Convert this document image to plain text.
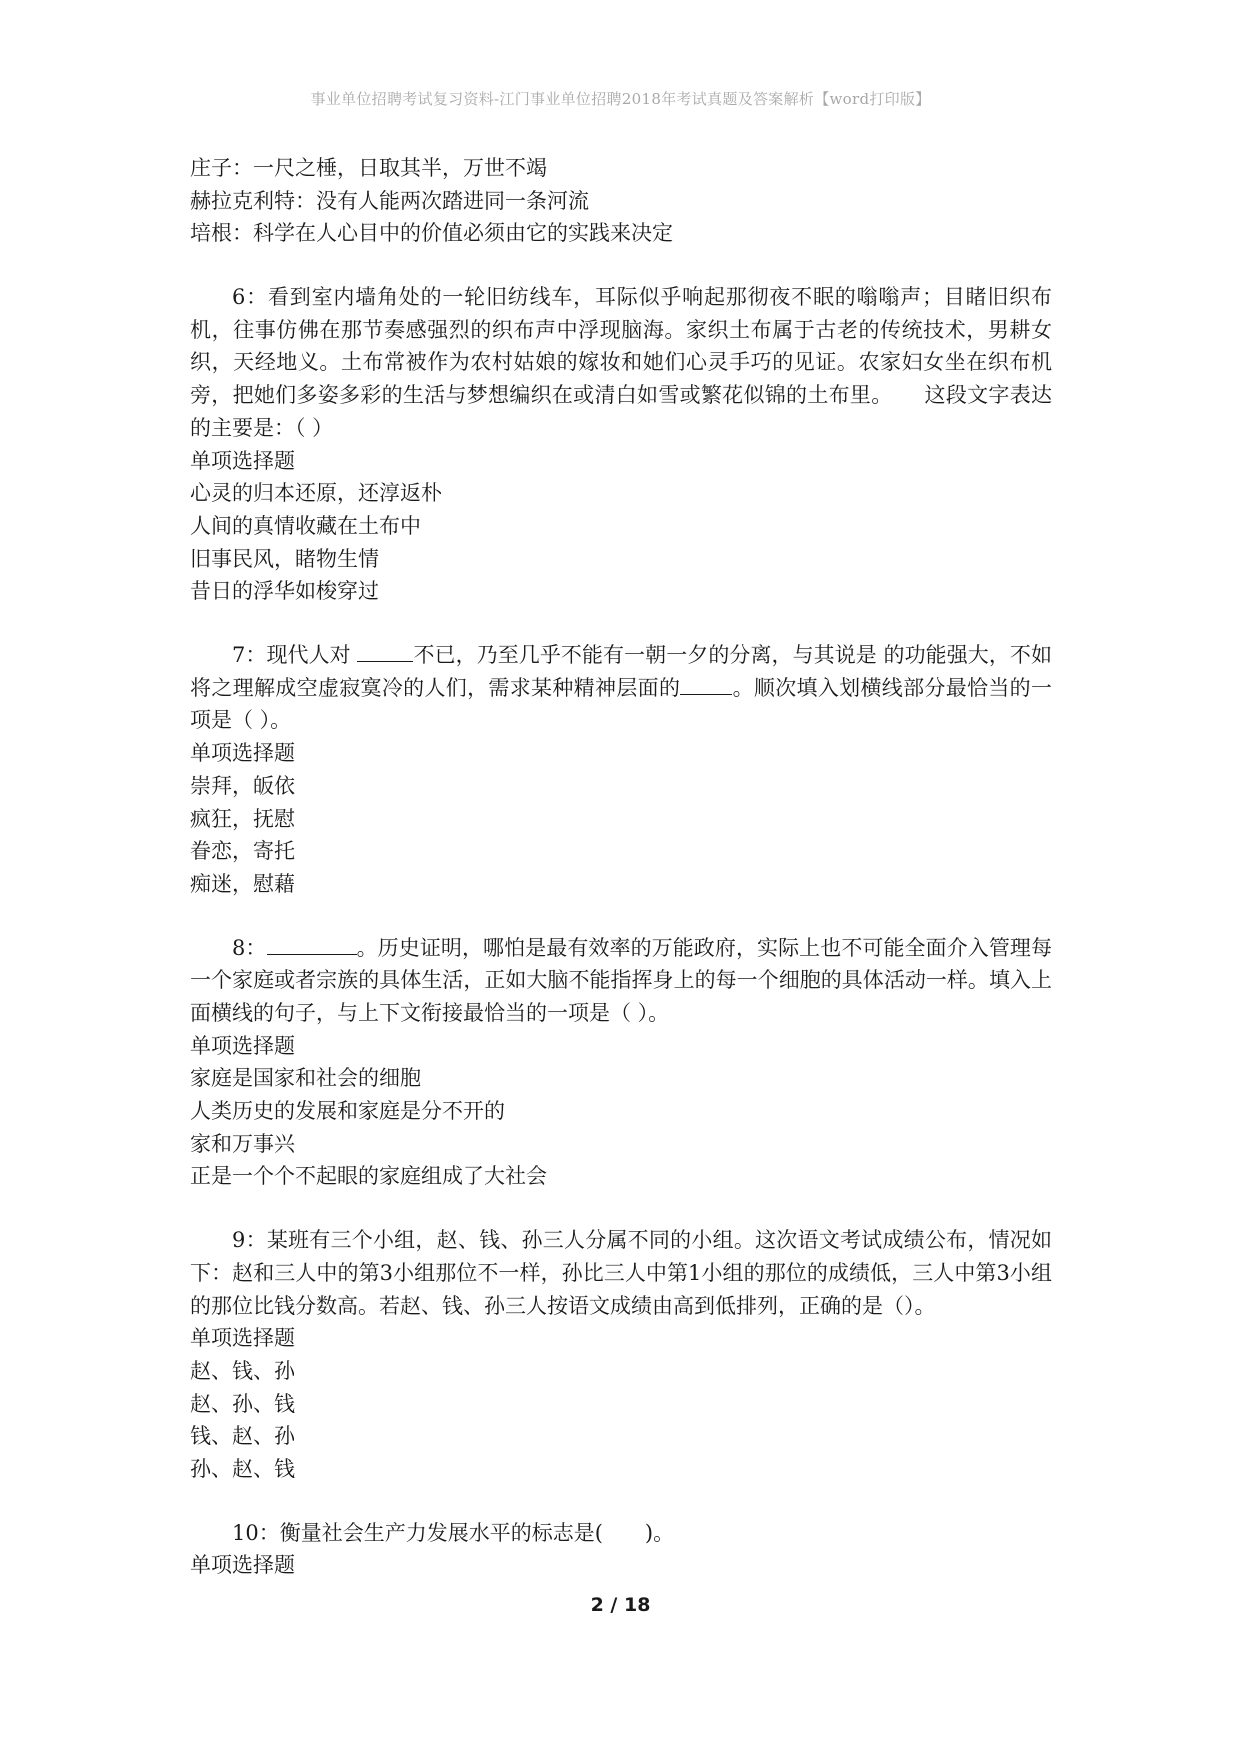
事业单位招聘考试复习资料-江门事业单位招聘2018年考试真题及答案解析【word打印版】
庄子：一尺之棰，日取其半，万世不竭
赫拉克利特：没有人能两次踏进同一条河流
培根：科学在人心目中的价值必须由它的实践来决定
6：看到室内墙角处的一轮旧纺线车，耳际似乎响起那彻夜不眠的嗡嗡声；目睹旧织布机，往事仿佛在那节奏感强烈的织布声中浮现脑海。家织土布属于古老的传统技术，男耕女织，天经地义。土布常被作为农村姑娘的嫁妆和她们心灵手巧的见证。农家妇女坐在织布机旁，把她们多姿多彩的生活与梦想编织在或清白如雪或繁花似锦的土布里。　　这段文字表达的主要是：（ ）
单项选择题
心灵的归本还原，还淳返朴
人间的真情收藏在土布中
旧事民风，睹物生情
昔日的浮华如梭穿过
7：现代人对	不已，乃至几乎不能有一朝一夕的分离，与其说是 的功能强大，不如将之理解成空虚寂寞冷的人们，需求某种精神层面的 。顺次填入划横线部分最恰当的一项是（ ）。
单项选择题
崇拜，皈依
疯狂，抚慰
眷恋，寄托
痴迷，慰藉
8：	。历史证明，哪怕是最有效率的万能政府，实际上也不可能全面介入管理每一个家庭或者宗族的具体生活，正如大脑不能指挥身上的每一个细胞的具体活动一样。填入上面横线的句子，与上下文衔接最恰当的一项是（ ）。
单项选择题
家庭是国家和社会的细胞
人类历史的发展和家庭是分不开的
家和万事兴
正是一个个不起眼的家庭组成了大社会
9：某班有三个小组，赵、钱、孙三人分属不同的小组。这次语文考试成绩公布，情况如下：赵和三人中的第3小组那位不一样，孙比三人中第1小组的那位的成绩低，三人中第3小组的那位比钱分数高。若赵、钱、孙三人按语文成绩由高到低排列，正确的是（）。
单项选择题
赵、钱、孙
赵、孙、钱
钱、赵、孙
孙、赵、钱
10：衡量社会生产力发展水平的标志是(　　)。
单项选择题
2 / 18
